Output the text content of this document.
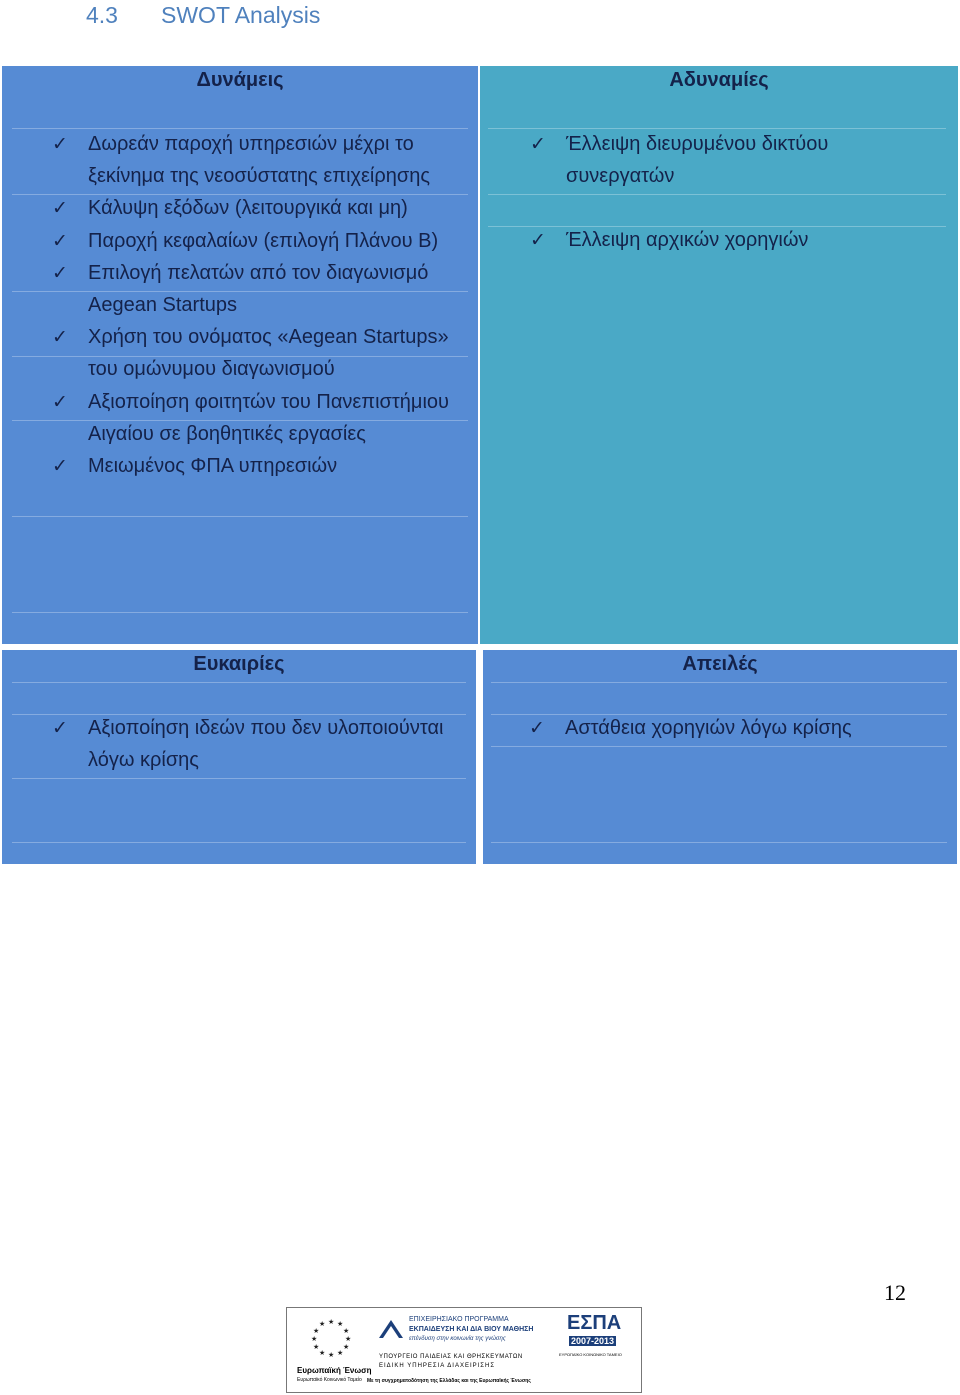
4.3 SWOT Analysis
Δυνάμεις
✓ Δωρεάν παροχή υπηρεσιών μέχρι το ξεκίνημα της νεοσύστατης επιχείρησης
✓ Κάλυψη εξόδων (λειτουργικά και μη)
✓ Παροχή κεφαλαίων (επιλογή Πλάνου Β)
✓ Επιλογή πελατών από τον διαγωνισμό Aegean Startups
✓ Χρήση του ονόματος «Aegean Startups» του ομώνυμου διαγωνισμού
✓ Αξιοποίηση φοιτητών του Πανεπιστήμιου Αιγαίου σε βοηθητικές εργασίες
✓ Μειωμένος ΦΠΑ υπηρεσιών
Αδυναμίες
✓ Έλλειψη διευρυμένου δικτύου συνεργατών
✓ Έλλειψη αρχικών χορηγιών
Ευκαιρίες
✓ Αξιοποίηση ιδεών που δεν υλοποιούνται λόγω κρίσης
Απειλές
✓ Αστάθεια χορηγιών λόγω κρίσης
12
★ ★
★
★
★
★
★
★
★
★
★
★
Ευρωπαϊκή Ένωση
Ευρωπαϊκό Κοινωνικό Ταμείο
ΕΠΙΧΕΙΡΗΣΙΑΚΟ ΠΡΟΓΡΑΜΜΑ
ΕΚΠΑΙΔΕΥΣΗ ΚΑΙ ΔΙΑ ΒΙΟΥ ΜΑΘΗΣΗ
επένδυση στην κοινωνία της γνώσης
ΥΠΟΥΡΓΕΙΟ ΠΑΙΔΕΙΑΣ ΚΑΙ ΘΡΗΣΚΕΥΜΑΤΩΝ
ΕΙΔΙΚΗ ΥΠΗΡΕΣΙΑ ΔΙΑΧΕΙΡΙΣΗΣ
Με τη συγχρηματοδότηση της Ελλάδας και της Ευρωπαϊκής Ένωσης
ΕΣΠΑ
2007-2013
ΕΥΡΩΠΑΪΚΟ ΚΟΙΝΩΝΙΚΟ ΤΑΜΕΙΟ
